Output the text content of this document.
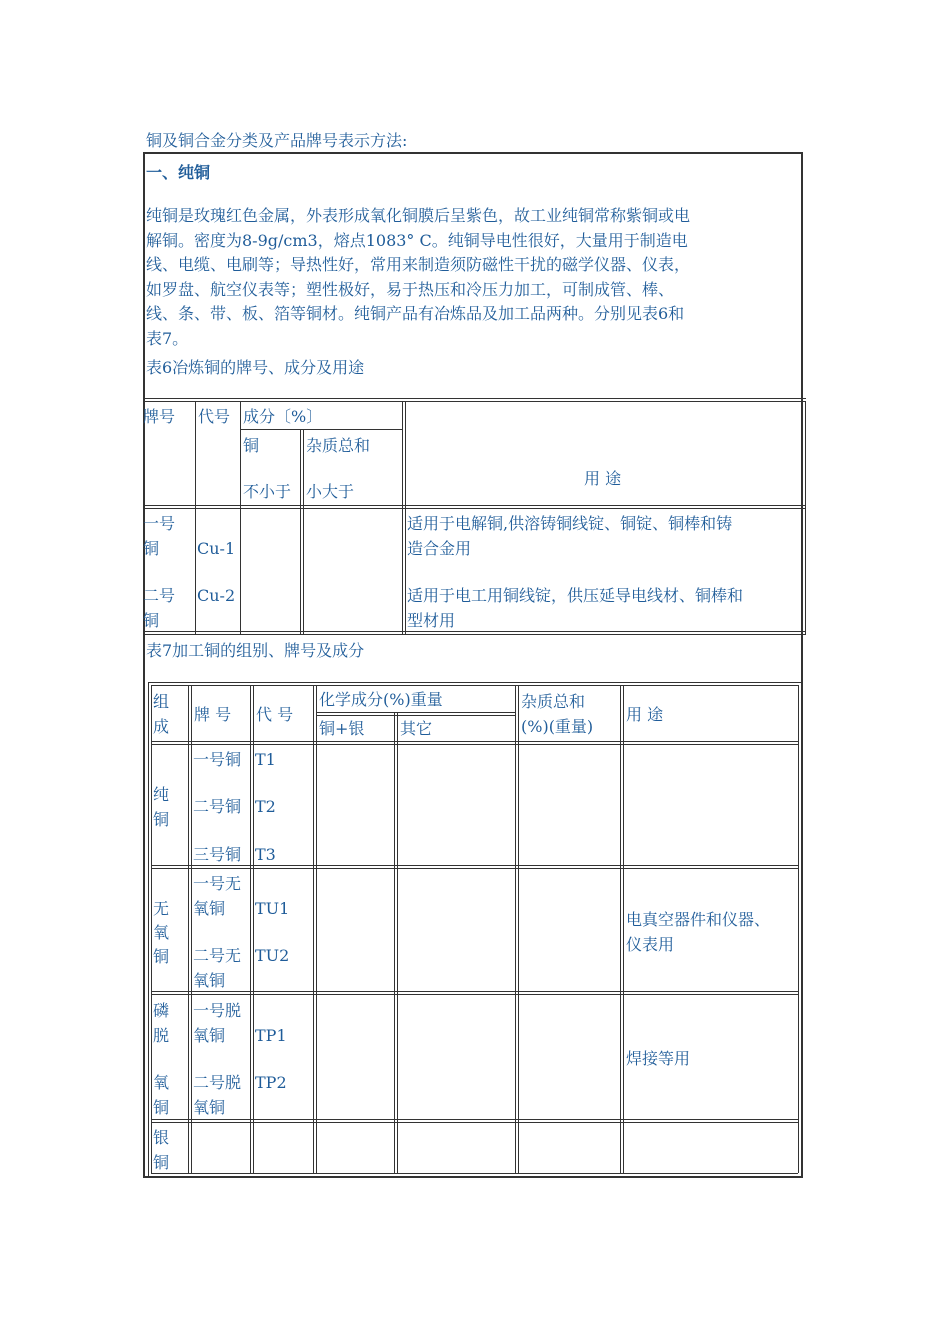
铜及铜合金分类及产品牌号表示方法:
一、纯铜
纯铜是玫瑰红色金属，外表形成氧化铜膜后呈紫色，故工业纯铜常称紫铜或电
解铜。密度为8-9g/cm3，熔点1083° C。纯铜导电性很好，大量用于制造电
线、电缆、电刷等；导热性好，常用来制造须防磁性干扰的磁学仪器、仪表，
如罗盘、航空仪表等；塑性极好，易于热压和冷压力加工，可制成管、棒、
线、条、带、板、箔等铜材。纯铜产品有冶炼品及加工品两种。分别见表6和
表7。
表6冶炼铜的牌号、成分及用途
牌号 代号 成分〔%〕
铜
不小于
杂质总和
小大于
用 途
一号
铜 Cu-1
适用于电解铜,供溶铸铜线锭、铜锭、铜棒和铸
造合金用
二号
铜
Cu-2	适用于电工用铜线锭，供压延导电线材、铜棒和
型材用
表7加工铜的组别、牌号及成分
组
成
牌 号 代 号
化学成分(%)重量
铜+银 其它
杂质总和
(%)(重量)
用 途
纯
铜
一号铜 T1
二号铜 T2
三号铜 T3
无
氧
铜
一号无
氧铜 TU1
二号无
氧铜
TU2
电真空器件和仪器、
仪表用
磷
脱
氧
铜
一号脱
氧铜 TP1
二号脱
氧铜
TP2
焊接等用
银
铜
